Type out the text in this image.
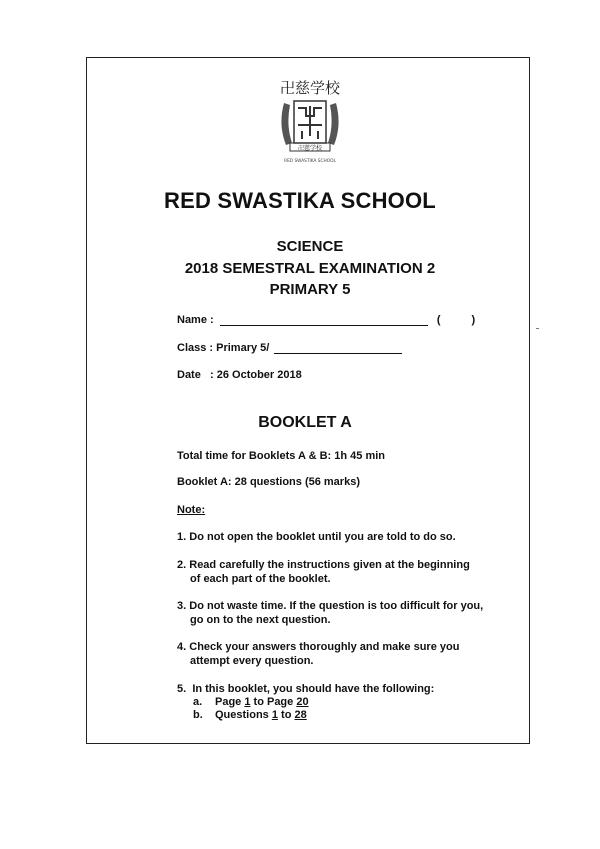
卍慈学校
卍慈学校
RED SWASTIKA SCHOOL
RED SWASTIKA SCHOOL
SCIENCE
2018 SEMESTRAL EXAMINATION 2
PRIMARY 5
Name :	(	)
Class : Primary 5/
Date   : 26 October 2018
BOOKLET A
Total time for Booklets A & B: 1h 45 min
Booklet A: 28 questions (56 marks)
Note:
1. Do not open the booklet until you are told to do so.
2. Read carefully the instructions given at the beginning
of each part of the booklet.
3. Do not waste time. If the question is too difficult for you,
go on to the next question.
4. Check your answers thoroughly and make sure you
attempt every question.
5. In this booklet, you should have the following:
a. Page 1 to Page 20
b. Questions 1 to 28
